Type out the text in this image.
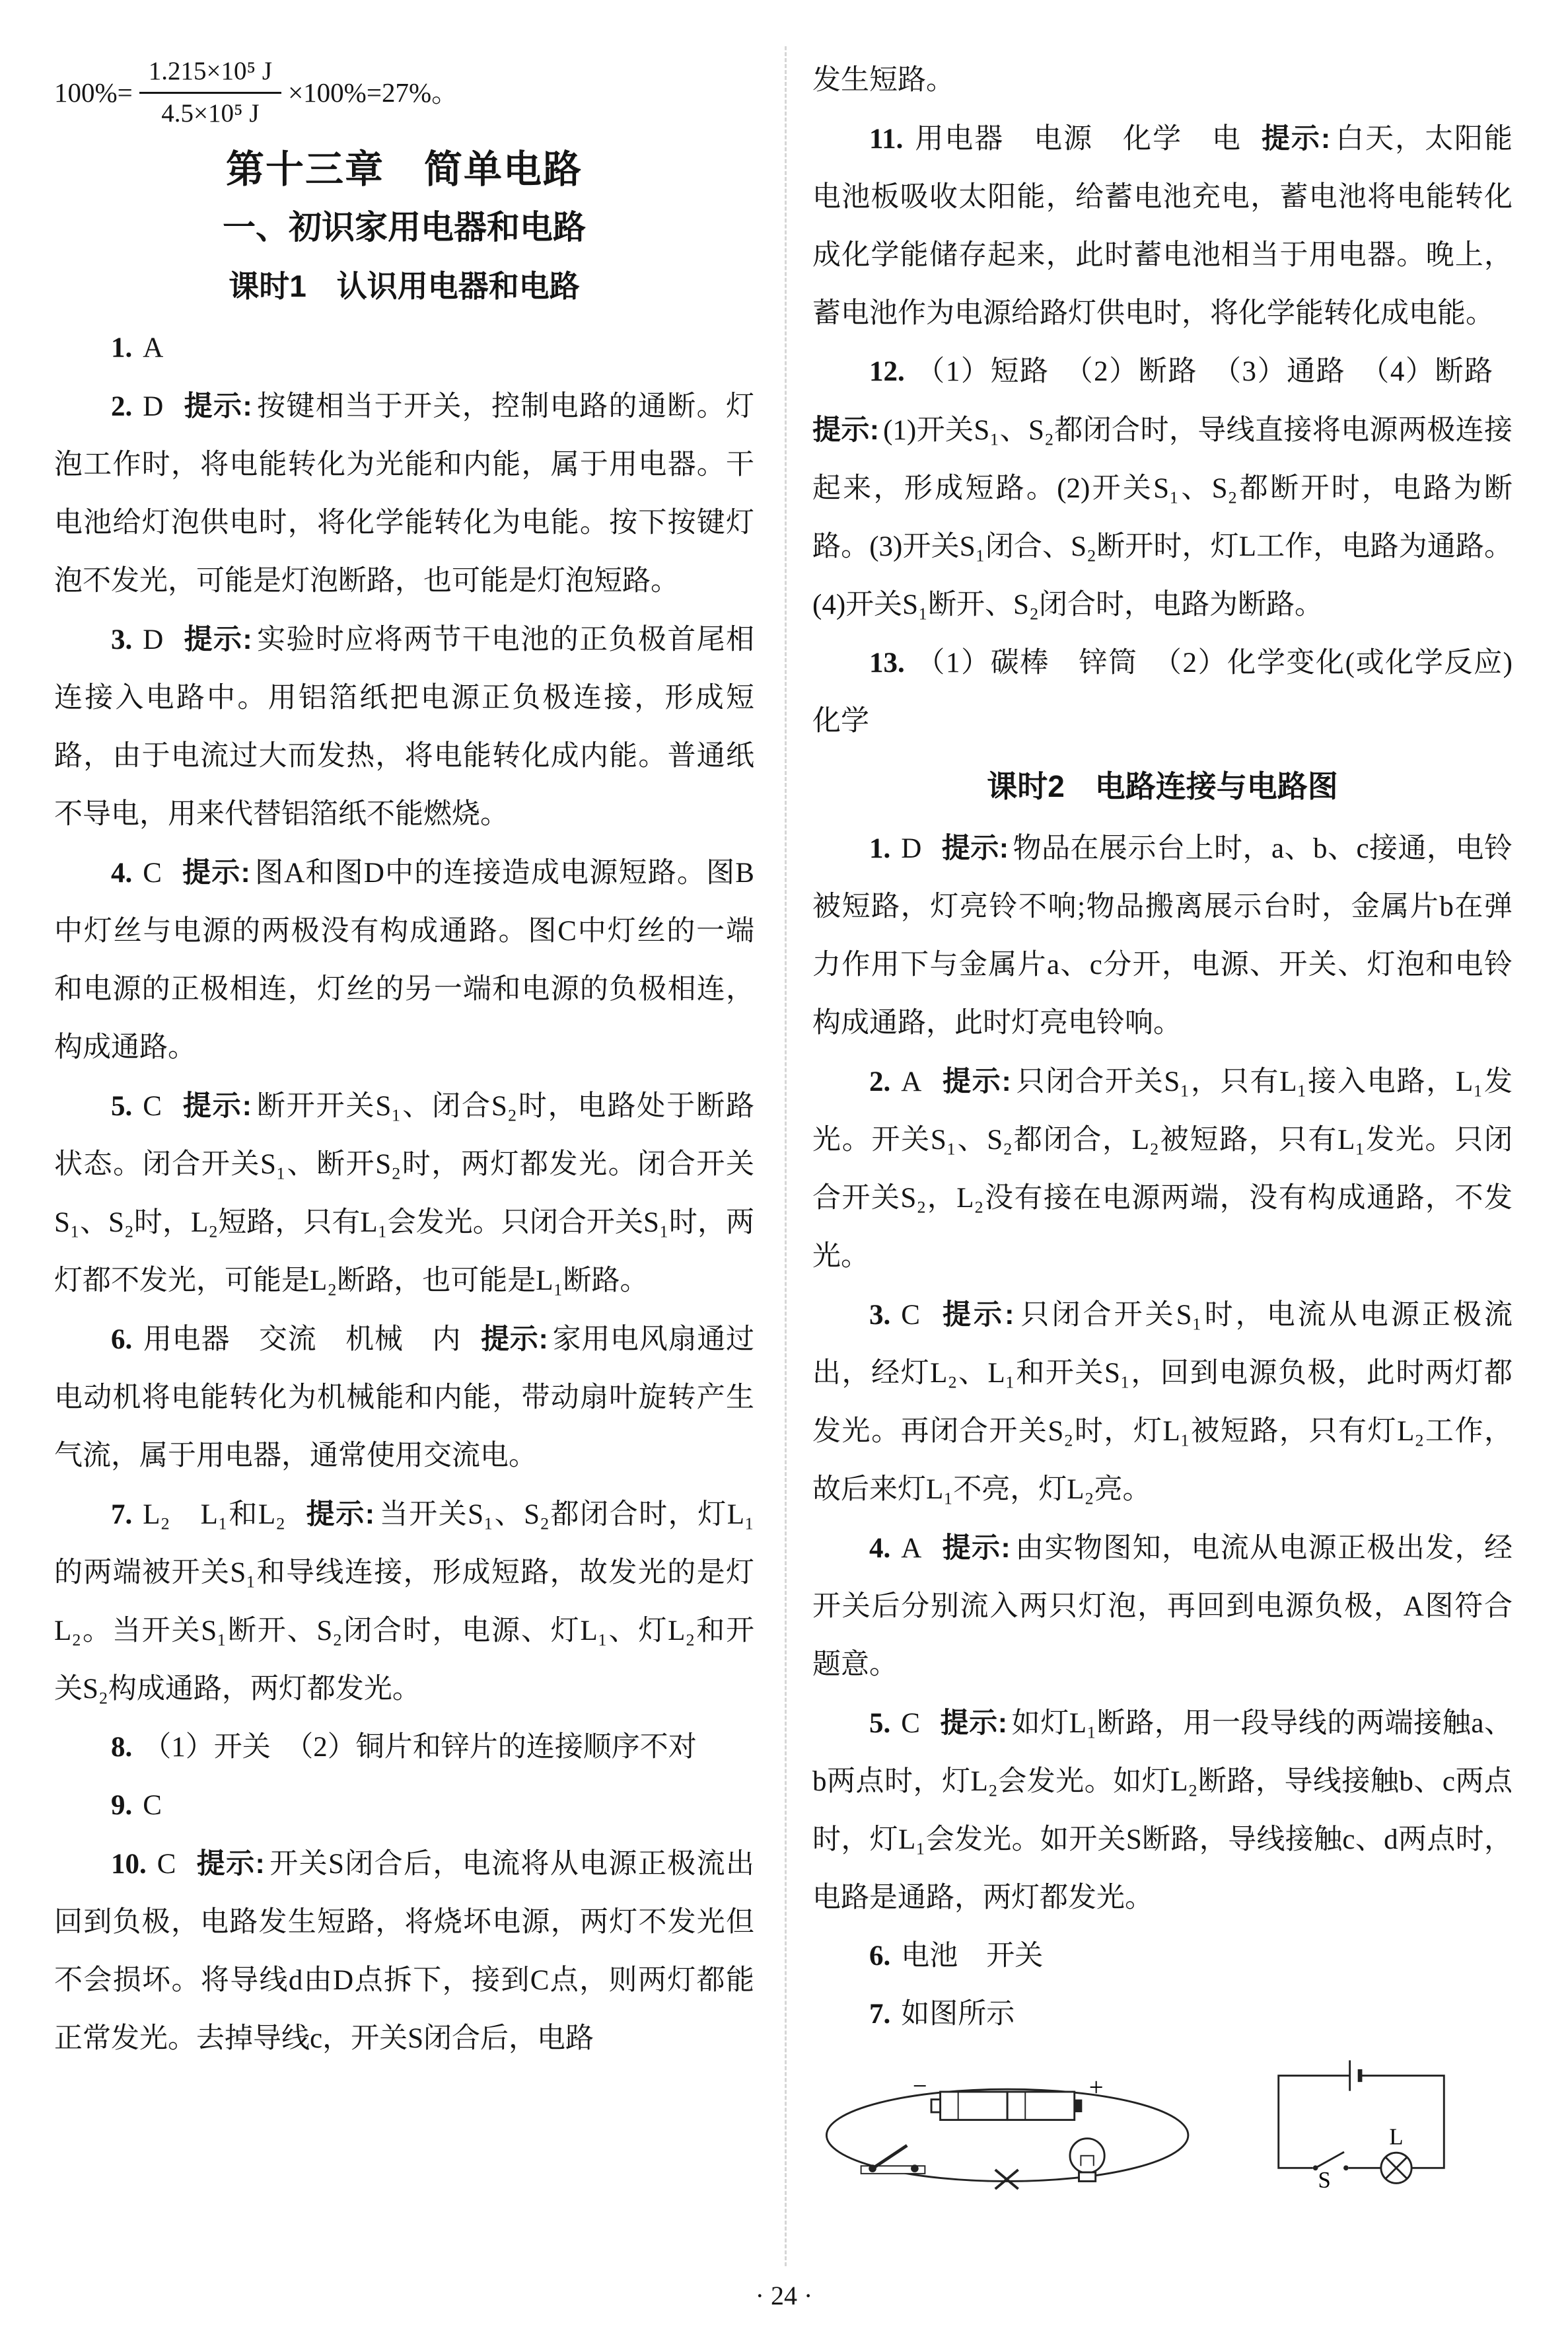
$100\%= \frac{\text{1.215×10⁵ J}}{\text{4.5×10⁵ J}} \times 100\%=27\%$。
第十三章　简单电路
一、初识家用电器和电路
课时1　认识用电器和电路

1. A

2. D 提示: 按键相当于开关，控制电路的通断。灯泡工作时，将电能转化为光能和内能，属于用电器。干电池给灯泡供电时，将化学能转化为电能。按下按键灯泡不发光，可能是灯泡断路，也可能是灯泡短路。

3. D 提示: 实验时应将两节干电池的正负极首尾相连接入电路中。用铝箔纸把电源正负极连接，形成短路，由于电流过大而发热，将电能转化成内能。普通纸不导电，用来代替铝箔纸不能燃烧。

4. C 提示: 图A和图D中的连接造成电源短路。图B中灯丝与电源的两极没有构成通路。图C中灯丝的一端和电源的正极相连，灯丝的另一端和电源的负极相连，构成通路。

5. C 提示: 断开开关S₁、闭合S₂时，电路处于断路状态。闭合开关S₁、断开S₂时，两灯都发光。闭合开关S₁、S₂时，L₂短路，只有L₁会发光。只闭合开关S₁时，两灯都不发光，可能是L₂断路，也可能是L₁断路。

6. 用电器　交流　机械　内 提示: 家用电风扇通过电动机将电能转化为机械能和内能，带动扇叶旋转产生气流，属于用电器，通常使用交流电。

7. L₂　L₁和L₂ 提示: 当开关S₁、S₂都闭合时，灯L₁的两端被开关S₁和导线连接，形成短路，故发光的是灯L₂。当开关S₁断开、S₂闭合时，电源、灯L₁、灯L₂和开关S₂构成通路，两灯都发光。

8. （1）开关　（2）铜片和锌片的连接顺序不对

9. C

10. C 提示: 开关S闭合后，电流将从电源正极流出回到负极，电路发生短路，将烧坏电源，两灯不发光但不会损坏。将导线d由D点拆下，接到C点，则两灯都能正常发光。去掉导线c，开关S闭合后，电路

发生短路。

11. 用电器　电源　化学　电 提示: 白天，太阳能电池板吸收太阳能，给蓄电池充电，蓄电池将电能转化成化学能储存起来，此时蓄电池相当于用电器。晚上，蓄电池作为电源给路灯供电时，将化学能转化成电能。

12. （1）短路　（2）断路　（3）通路　（4）断路提示: (1)开关S₁、S₂都闭合时，导线直接将电源两极连接起来，形成短路。(2)开关S₁、S₂都断开时，电路为断路。(3)开关S₁闭合、S₂断开时，灯L工作，电路为通路。(4)开关S₁断开、S₂闭合时，电路为断路。

13. （1）碳棒　锌筒　（2）化学变化(或化学反应)　化学

课时2　电路连接与电路图

1. D 提示: 物品在展示台上时，a、b、c接通，电铃被短路，灯亮铃不响;物品搬离展示台时，金属片b在弹力作用下与金属片a、c分开，电源、开关、灯泡和电铃构成通路，此时灯亮电铃响。

2. A 提示: 只闭合开关S₁，只有L₁接入电路，L₁发光。开关S₁、S₂都闭合，L₂被短路，只有L₁发光。只闭合开关S₂，L₂没有接在电源两端，没有构成通路，不发光。

3. C 提示: 只闭合开关S₁时，电流从电源正极流出，经灯L₂、L₁和开关S₁，回到电源负极，此时两灯都发光。再闭合开关S₂时，灯L₁被短路，只有灯L₂工作，故后来灯L₁不亮，灯L₂亮。

4. A 提示: 由实物图知，电流从电源正极出发，经开关后分别流入两只灯泡，再回到电源负极，A图符合题意。

5. C 提示: 如灯L₁断路，用一段导线的两端接触a、b两点时，灯L₂会发光。如灯L₂断路，导线接触b、c两点时，灯L₁会发光。如开关S断路，导线接触c、d两点时，电路是通路，两灯都发光。

6. 电池　开关

7. 如图所示

−	+
S
L
· 24 ·
